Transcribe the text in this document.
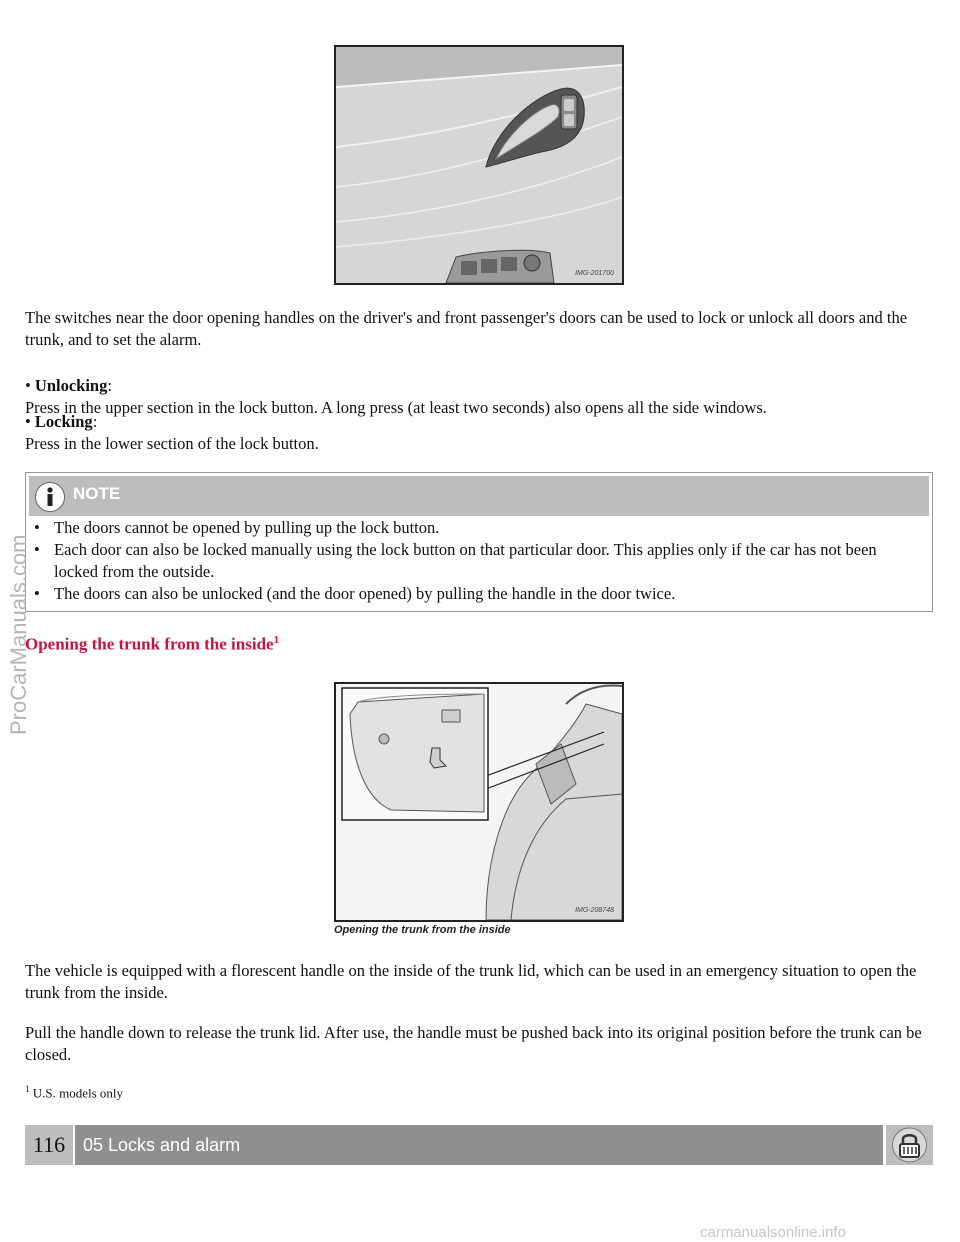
IMG-201700

The switches near the door opening handles on the driver's and front passenger's doors can be used to lock or unlock all doors and the trunk, and to set the alarm.

• Unlocking:

Press in the upper section in the lock button. A long press (at least two seconds) also opens all the side windows.

• Locking:

Press in the lower section of the lock button.

NOTE
• The doors cannot be opened by pulling up the lock button.
• Each door can also be locked manually using the lock button on that particular door. This applies only if the car has not been locked from the outside.
• The doors can also be unlocked (and the door opened) by pulling the handle in the door twice.
Opening the trunk from the inside$^1$
IMG-208748
Opening the trunk from the inside

The vehicle is equipped with a florescent handle on the inside of the trunk lid, which can be used in an emergency situation to open the trunk from the inside.

Pull the handle down to release the trunk lid. After use, the handle must be pushed back into its original position before the trunk can be closed.

$^1$ U.S. models only
116 05 Locks and alarm
ProCarManuals.com
carmanualsonline.info
